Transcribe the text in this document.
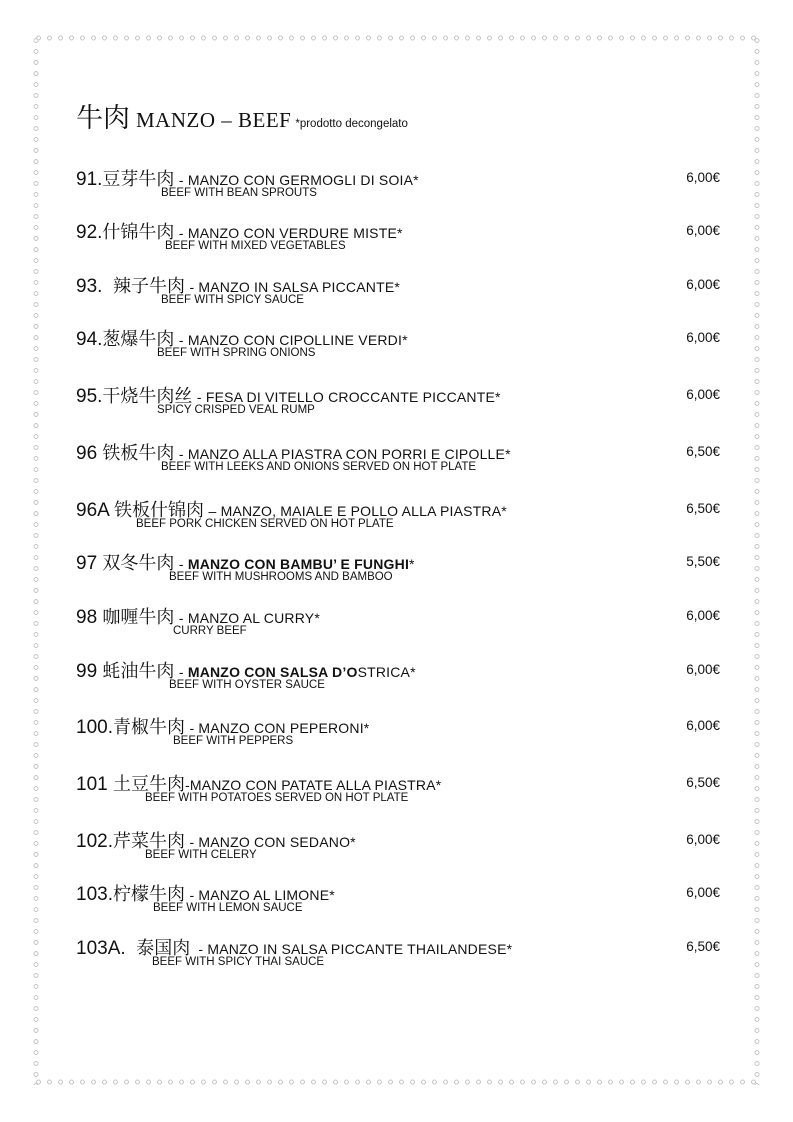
牛肉 MANZO – BEEF *prodotto decongelato
91.豆芽牛肉 - MANZO CON GERMOGLI DI SOIA*	6,00€
BEEF WITH BEAN SPROUTS
92.什锦牛肉 - MANZO CON VERDURE MISTE*	6,00€
BEEF WITH MIXED VEGETABLES
93.  辣子牛肉 - MANZO IN SALSA PICCANTE*	6,00€
BEEF WITH SPICY SAUCE
94.葱爆牛肉 - MANZO CON CIPOLLINE VERDI*	6,00€
BEEF WITH SPRING ONIONS
95.干烧牛肉丝 - FESA DI VITELLO CROCCANTE PICCANTE*	6,00€
SPICY CRISPED VEAL RUMP
96 铁板牛肉 - MANZO ALLA PIASTRA CON PORRI E CIPOLLE*	6,50€
BEEF WITH LEEKS AND ONIONS SERVED ON HOT PLATE
96A 铁板什锦肉 – MANZO, MAIALE E POLLO ALLA PIASTRA*	6,50€
BEEF PORK CHICKEN SERVED ON HOT PLATE
97 双冬牛肉 - MANZO CON BAMBU’ E FUNGHI*	5,50€
BEEF WITH MUSHROOMS AND BAMBOO
98 咖喱牛肉 - MANZO AL CURRY*	6,00€
CURRY BEEF
99 蚝油牛肉 - MANZO CON SALSA D’OSTRICA*	6,00€
BEEF WITH OYSTER SAUCE
100.青椒牛肉 - MANZO CON PEPERONI*	6,00€
BEEF WITH PEPPERS
101 土豆牛肉-MANZO CON PATATE ALLA PIASTRA*	6,50€
BEEF WITH POTATOES SERVED ON HOT PLATE
102.芹菜牛肉 - MANZO CON SEDANO*	6,00€
BEEF WITH CELERY
103.柠檬牛肉 - MANZO AL LIMONE*	6,00€
BEEF WITH LEMON SAUCE
103A.  泰国肉  - MANZO IN SALSA PICCANTE THAILANDESE*	6,50€
BEEF WITH SPICY THAI SAUCE
